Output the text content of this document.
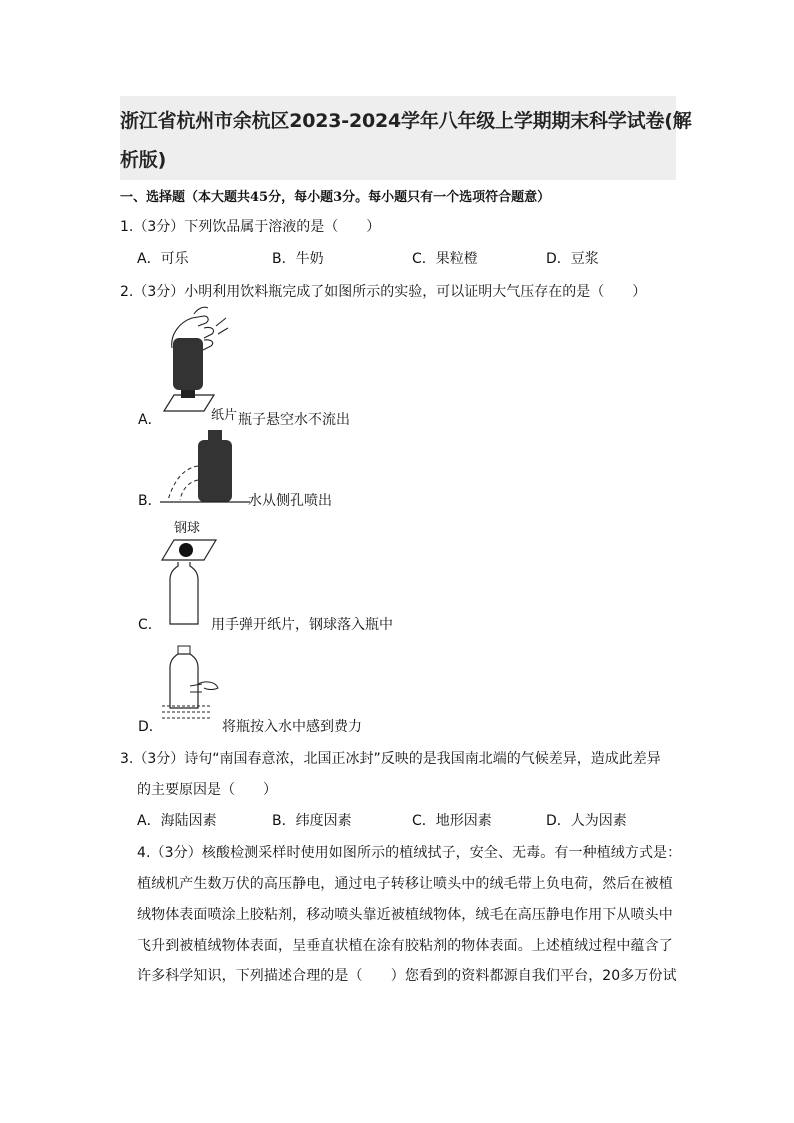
浙江省杭州市余杭区2023-2024学年八年级上学期期末科学试卷(解
析版)
一、选择题（本大题共45分，每小题3分。每小题只有一个选项符合题意）
1.（3分）下列饮品属于溶液的是（　　）
A．可乐	B．牛奶	C．果粒橙	D．豆浆
2.（3分）小明利用饮料瓶完成了如图所示的实验，可以证明大气压存在的是（　　）
A．	纸片 瓶子悬空水不流出
B．	水从侧孔喷出
钢球
C．	用手弹开纸片，钢球落入瓶中
D．	将瓶按入水中感到费力
3.（3分）诗句“南国春意浓，北国正冰封”反映的是我国南北端的气候差异，造成此差异
的主要原因是（　　）
A．海陆因素	B．纬度因素	C．地形因素	D．人为因素
4.（3分）核酸检测采样时使用如图所示的植绒拭子，安全、无毒。有一种植绒方式是：
植绒机产生数万伏的高压静电，通过电子转移让喷头中的绒毛带上负电荷，然后在被植
绒物体表面喷涂上胶粘剂，移动喷头靠近被植绒物体，绒毛在高压静电作用下从喷头中
飞升到被植绒物体表面，呈垂直状植在涂有胶粘剂的物体表面。上述植绒过程中蕴含了
许多科学知识，下列描述合理的是（　　）您看到的资料都源自我们平台，20多万份试
